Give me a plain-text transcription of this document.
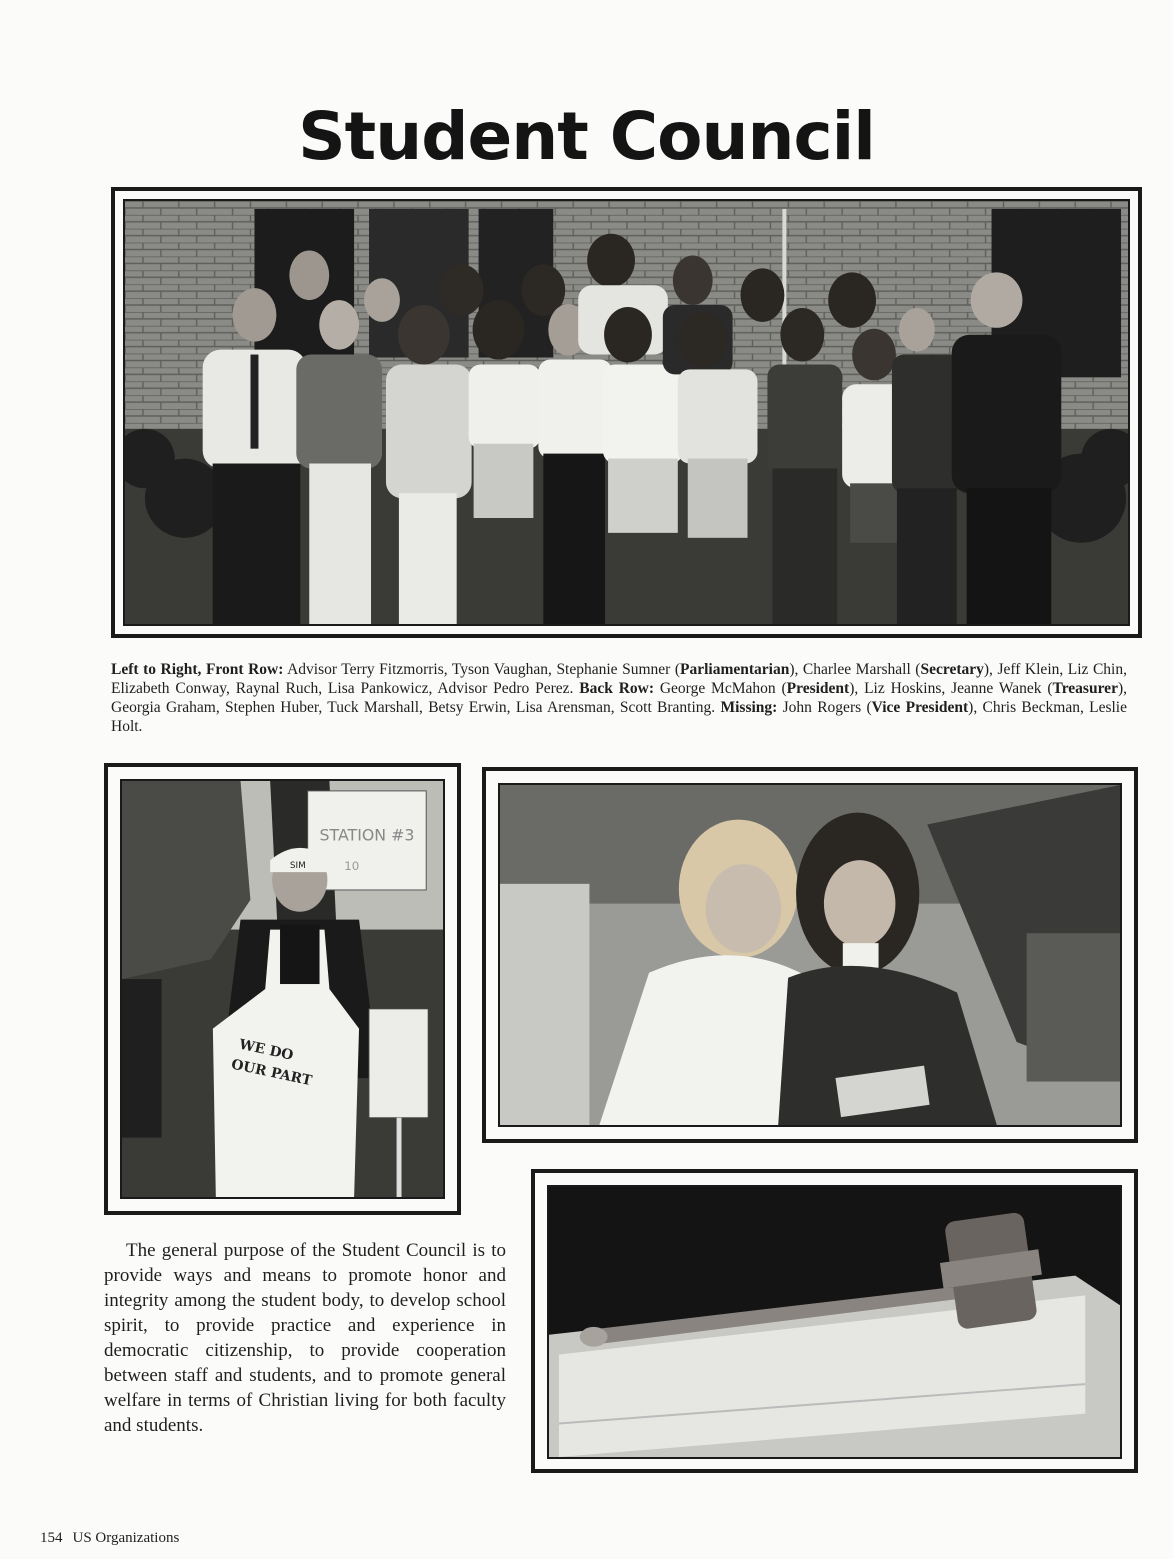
Student Council
Left to Right, Front Row: Advisor Terry Fitzmorris, Tyson Vaughan, Stephanie Sumner (Parliamentarian), Charlee Marshall (Secretary), Jeff Klein, Liz Chin, Elizabeth Conway, Raynal Ruch, Lisa Pankowicz, Advisor Pedro Perez. Back Row: George McMahon (President), Liz Hoskins, Jeanne Wanek (Treasurer), Georgia Graham, Stephen Huber, Tuck Marshall, Betsy Erwin, Lisa Arensman, Scott Branting. Missing: John Rogers (Vice President), Chris Beckman, Leslie Holt.
STATION #3
10
SIM
WE DO
OUR PART

The general purpose of the Student Council is to provide ways and means to promote honor and integrity among the student body, to develop school spirit, to provide practice and experience in democratic citizenship, to provide cooperation between staff and students, and to promote general welfare in terms of Christian living for both faculty and students.

154 US Organizations
